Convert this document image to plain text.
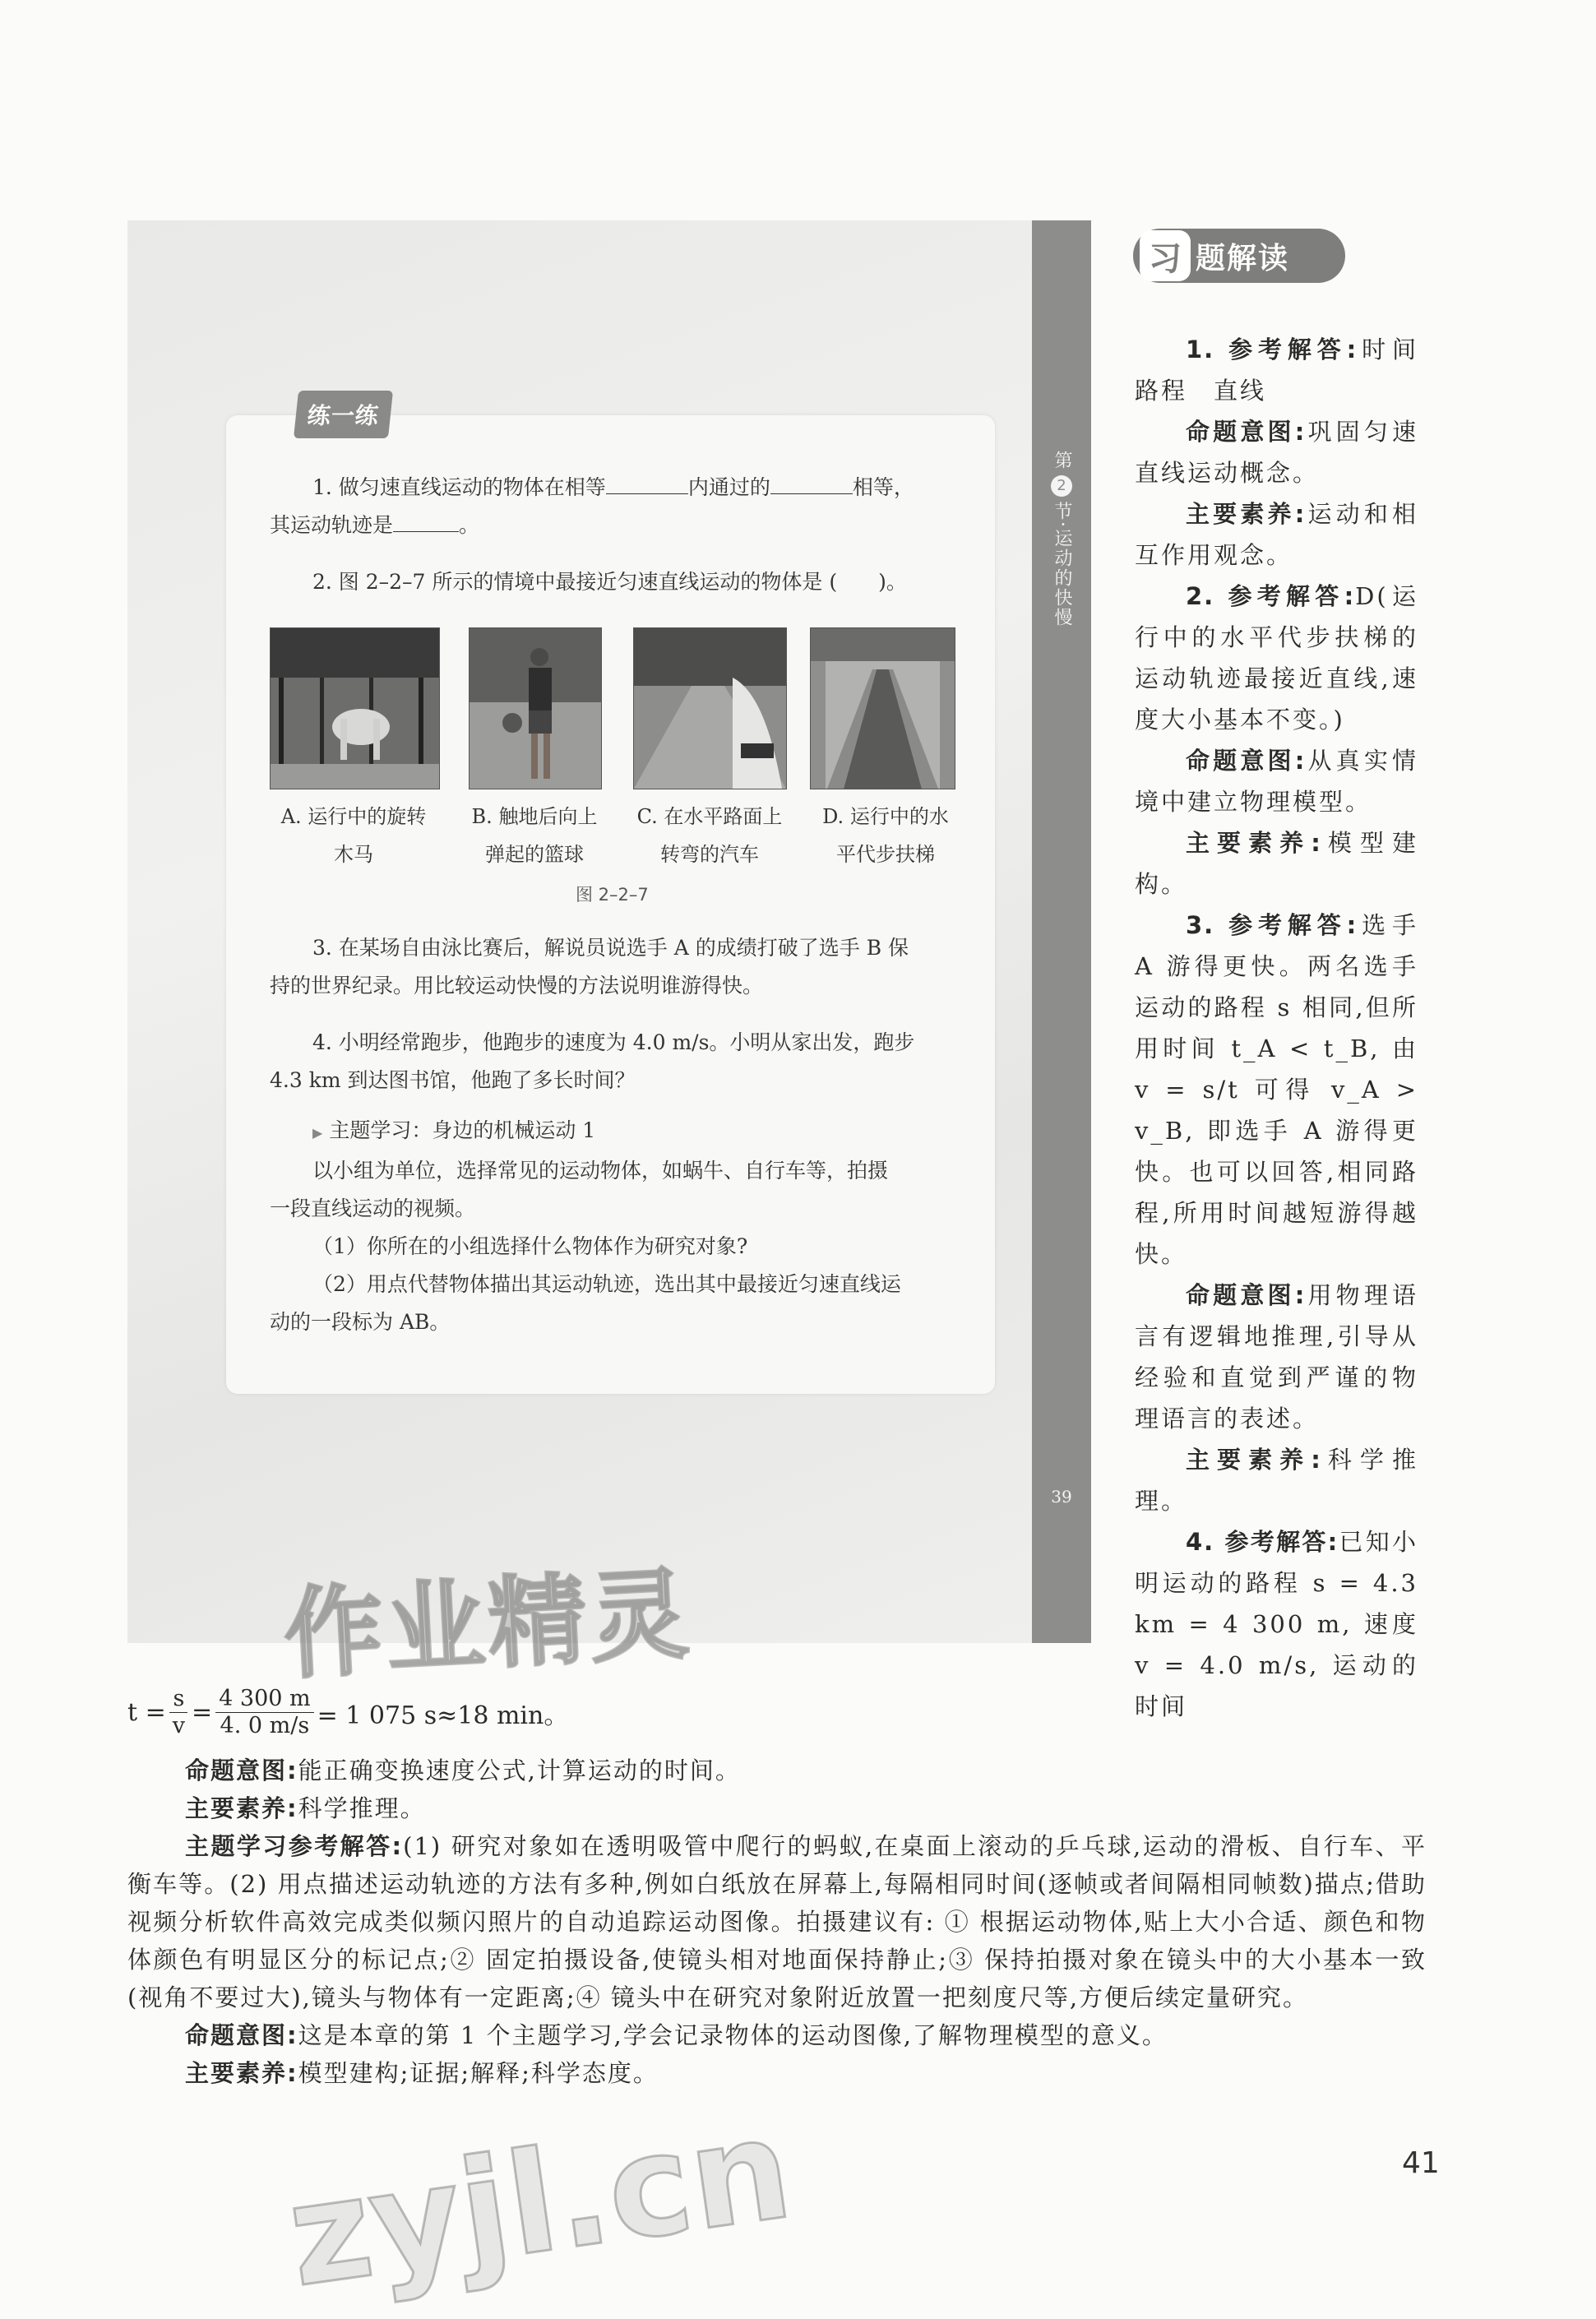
第
2
节·运动的快慢
39
练一练
1. 做匀速直线运动的物体在相等	内通过的	相等，
其运动轨迹是	。
2. 图 2–2–7 所示的情境中最接近匀速直线运动的物体是 (　　)。
A. 运行中的旋转
木马
B. 触地后向上
弹起的篮球
C. 在水平路面上
转弯的汽车
D. 运行中的水
平代步扶梯
图 2–2–7
3. 在某场自由泳比赛后，解说员说选手 A 的成绩打破了选手 B 保
持的世界纪录。用比较运动快慢的方法说明谁游得快。
4. 小明经常跑步，他跑步的速度为 4.0 m/s。小明从家出发，跑步
4.3 km 到达图书馆，他跑了多长时间？
▶ 主题学习：身边的机械运动 1
以小组为单位，选择常见的运动物体，如蜗牛、自行车等，拍摄
一段直线运动的视频。
（1）你所在的小组选择什么物体作为研究对象?
（2）用点代替物体描出其运动轨迹，选出其中最接近匀速直线运
动的一段标为 AB。
作业精灵
习 题解读

1. 参考解答:时间　路程　直线

命题意图:巩固匀速直线运动概念。

主要素养:运动和相互作用观念。

2. 参考解答:D(运行中的水平代步扶梯的运动轨迹最接近直线,速度大小基本不变。)

命题意图:从真实情境中建立物理模型。

主要素养:模型建构。

3. 参考解答:选手 A 游得更快。两名选手运动的路程 s 相同,但所用时间 t_A < t_B, 由 v = s/t 可得 v_A > v_B, 即选手 A 游得更快。也可以回答,相同路程,所用时间越短游得越快。

命题意图:用物理语言有逻辑地推理,引导从经验和直觉到严谨的物理语言的表述。

主要素养:科学推理。

4. 参考解答:已知小明运动的路程 s = 4.3 km = 4 300 m, 速度 v = 4.0 m/s, 运动的时间

$t = \frac{s}{v} = \frac{4 300 m}{4. 0 m/s} = 1$ 075 s≈18 min。

命题意图:能正确变换速度公式,计算运动的时间。

主要素养:科学推理。

主题学习参考解答:(1) 研究对象如在透明吸管中爬行的蚂蚁,在桌面上滚动的乒乓球,运动的滑板、自行车、平衡车等。(2) 用点描述运动轨迹的方法有多种,例如白纸放在屏幕上,每隔相同时间(逐帧或者间隔相同帧数)描点;借助视频分析软件高效完成类似频闪照片的自动追踪运动图像。拍摄建议有: ① 根据运动物体,贴上大小合适、颜色和物体颜色有明显区分的标记点;② 固定拍摄设备,使镜头相对地面保持静止;③ 保持拍摄对象在镜头中的大小基本一致(视角不要过大),镜头与物体有一定距离;④ 镜头中在研究对象附近放置一把刻度尺等,方便后续定量研究。

命题意图:这是本章的第 1 个主题学习,学会记录物体的运动图像,了解物理模型的意义。

主要素养:模型建构;证据;解释;科学态度。

zyjl.cn	41
